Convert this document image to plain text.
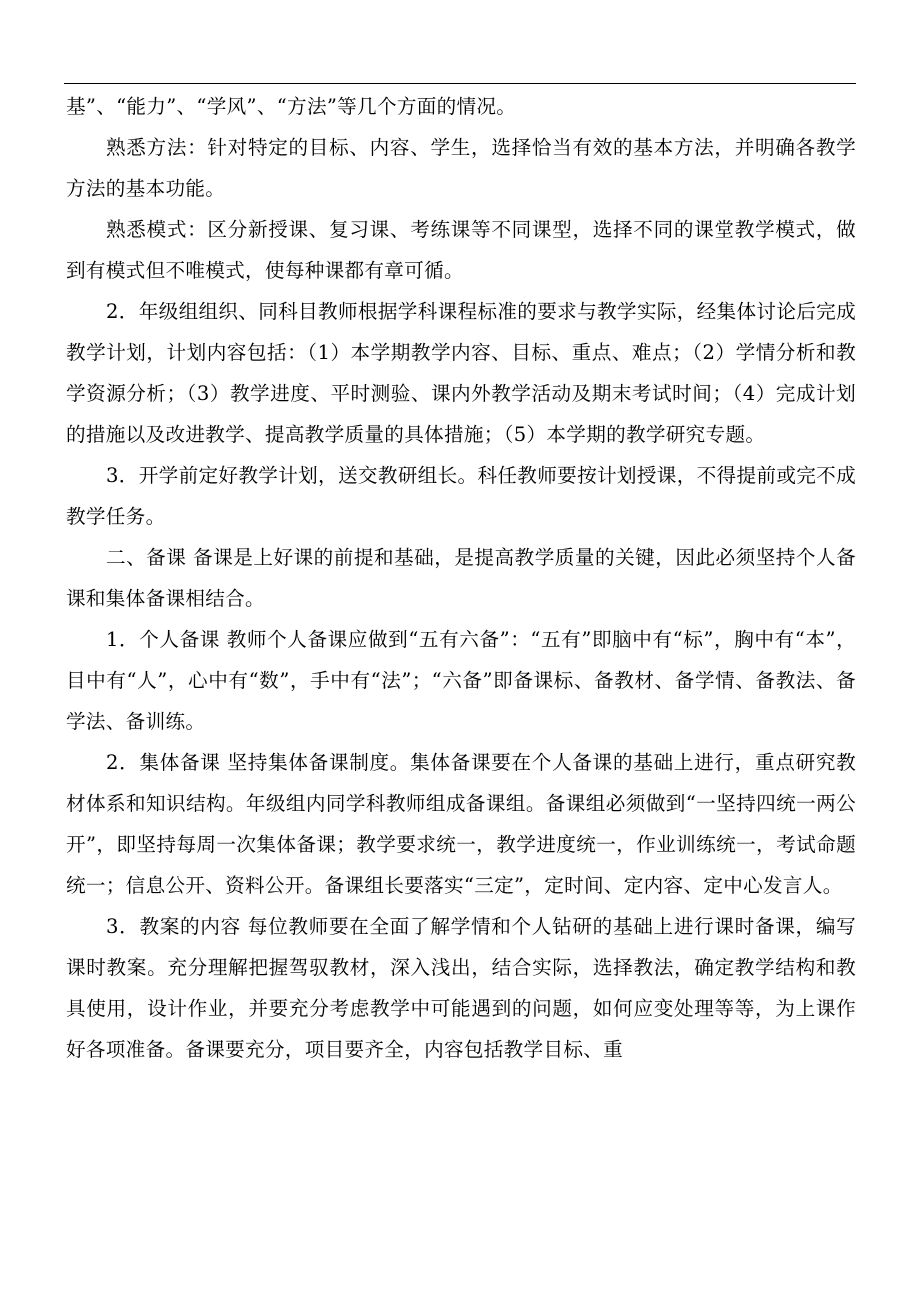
基”、“能力”、“学风”、“方法”等几个方面的情况。

熟悉方法：针对特定的目标、内容、学生，选择恰当有效的基本方法，并明确各教学方法的基本功能。

熟悉模式：区分新授课、复习课、考练课等不同课型，选择不同的课堂教学模式，做到有模式但不唯模式，使每种课都有章可循。

2．年级组组织、同科目教师根据学科课程标准的要求与教学实际，经集体讨论后完成教学计划，计划内容包括：（1）本学期教学内容、目标、重点、难点；（2）学情分析和教学资源分析；（3）教学进度、平时测验、课内外教学活动及期末考试时间；（4）完成计划的措施以及改进教学、提高教学质量的具体措施；（5）本学期的教学研究专题。

3．开学前定好教学计划，送交教研组长。科任教师要按计划授课，不得提前或完不成教学任务。

二、备课 备课是上好课的前提和基础，是提高教学质量的关键，因此必须坚持个人备课和集体备课相结合。

1．个人备课 教师个人备课应做到“五有六备”：“五有”即脑中有“标”，胸中有“本”，目中有“人”，心中有“数”，手中有“法”；“六备”即备课标、备教材、备学情、备教法、备学法、备训练。

2．集体备课 坚持集体备课制度。集体备课要在个人备课的基础上进行，重点研究教材体系和知识结构。年级组内同学科教师组成备课组。备课组必须做到“一坚持四统一两公开”，即坚持每周一次集体备课；教学要求统一，教学进度统一，作业训练统一，考试命题统一；信息公开、资料公开。备课组长要落实“三定”，定时间、定内容、定中心发言人。

3．教案的内容 每位教师要在全面了解学情和个人钻研的基础上进行课时备课，编写课时教案。充分理解把握驾驭教材，深入浅出，结合实际，选择教法，确定教学结构和教具使用，设计作业，并要充分考虑教学中可能遇到的问题，如何应变处理等等，为上课作好各项准备。备课要充分，项目要齐全，内容包括教学目标、重
